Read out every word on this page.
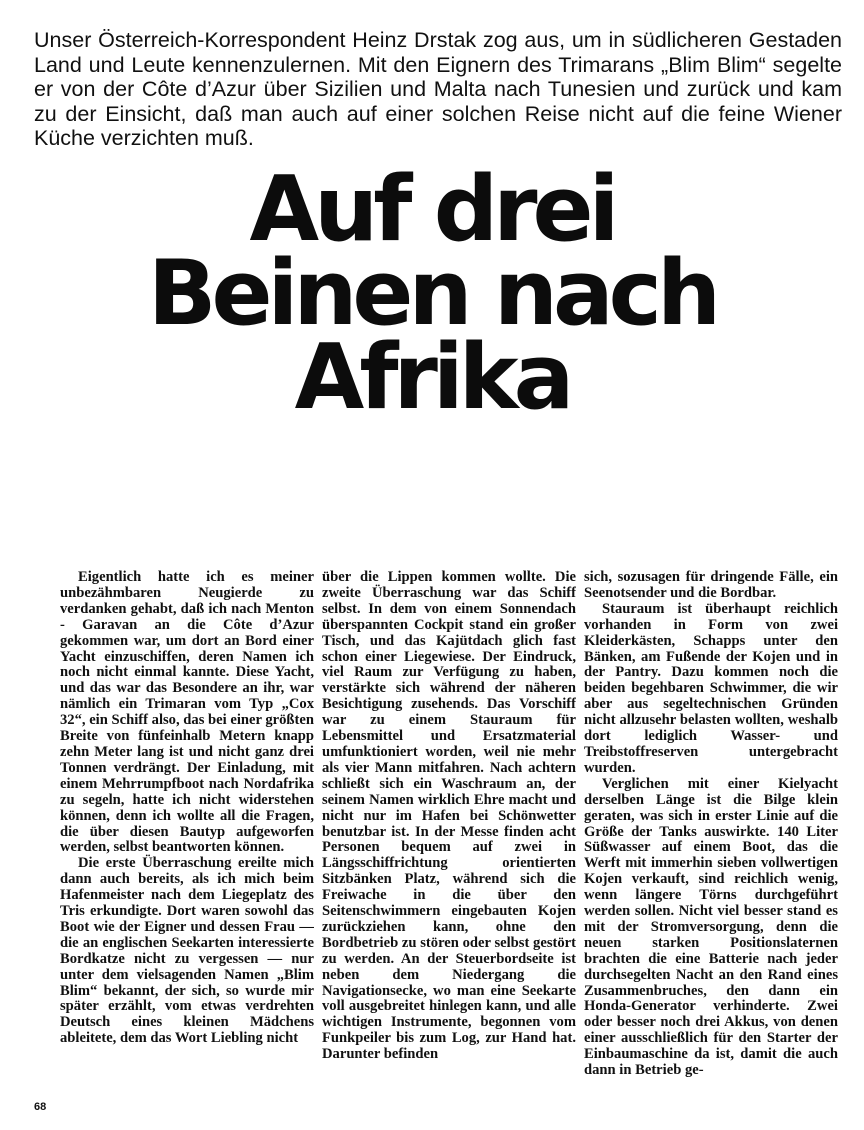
Unser Österreich-Korrespondent Heinz Drstak zog aus, um in südlicheren Gestaden Land und Leute kennenzulernen. Mit den Eignern des Trimarans „Blim Blim“ segelte er von der Côte d’Azur über Sizilien und Malta nach Tunesien und zurück und kam zu der Einsicht, daß man auch auf einer solchen Reise nicht auf die feine Wiener Küche verzichten muß.

Auf drei
Beinen nach
Afrika

Eigentlich hatte ich es meiner unbezähmbaren Neugierde zu verdanken gehabt, daß ich nach Menton - Garavan an die Côte d’Azur gekommen war, um dort an Bord einer Yacht einzuschiffen, deren Namen ich noch nicht einmal kannte. Diese Yacht, und das war das Besondere an ihr, war nämlich ein Trimaran vom Typ „Cox 32“, ein Schiff also, das bei einer größten Breite von fünfeinhalb Metern knapp zehn Meter lang ist und nicht ganz drei Tonnen verdrängt. Der Einladung, mit einem Mehrrumpfboot nach Nordafrika zu segeln, hatte ich nicht widerstehen können, denn ich wollte all die Fragen, die über diesen Bautyp aufgeworfen werden, selbst beantworten können.

Die erste Überraschung ereilte mich dann auch bereits, als ich mich beim Hafenmeister nach dem Liegeplatz des Tris erkundigte. Dort waren sowohl das Boot wie der Eigner und dessen Frau — die an englischen Seekarten interessierte Bordkatze nicht zu vergessen — nur unter dem vielsagenden Namen „Blim Blim“ bekannt, der sich, so wurde mir später erzählt, vom etwas verdrehten Deutsch eines kleinen Mädchens ableitete, dem das Wort Liebling nicht

über die Lippen kommen wollte. Die zweite Überraschung war das Schiff selbst. In dem von einem Sonnendach überspannten Cockpit stand ein großer Tisch, und das Kajütdach glich fast schon einer Liegewiese. Der Eindruck, viel Raum zur Verfügung zu haben, verstärkte sich während der näheren Besichtigung zusehends. Das Vorschiff war zu einem Stauraum für Lebensmittel und Ersatzmaterial umfunktioniert worden, weil nie mehr als vier Mann mitfahren. Nach achtern schließt sich ein Waschraum an, der seinem Namen wirklich Ehre macht und nicht nur im Hafen bei Schönwetter benutzbar ist. In der Messe finden acht Personen bequem auf zwei in Längsschiffrichtung orientierten Sitzbänken Platz, während sich die Freiwache in die über den Seitenschwimmern eingebauten Kojen zurückziehen kann, ohne den Bordbetrieb zu stören oder selbst gestört zu werden. An der Steuerbordseite ist neben dem Niedergang die Navigationsecke, wo man eine Seekarte voll ausgebreitet hinlegen kann, und alle wichtigen Instrumente, begonnen vom Funkpeiler bis zum Log, zur Hand hat. Darunter befinden

sich, sozusagen für dringende Fälle, ein Seenotsender und die Bordbar.

Stauraum ist überhaupt reichlich vorhanden in Form von zwei Kleiderkästen, Schapps unter den Bänken, am Fußende der Kojen und in der Pantry. Dazu kommen noch die beiden begehbaren Schwimmer, die wir aber aus segeltechnischen Gründen nicht allzusehr belasten wollten, weshalb dort lediglich Wasser- und Treibstoffreserven untergebracht wurden.

Verglichen mit einer Kielyacht derselben Länge ist die Bilge klein geraten, was sich in erster Linie auf die Größe der Tanks auswirkte. 140 Liter Süßwasser auf einem Boot, das die Werft mit immerhin sieben vollwertigen Kojen verkauft, sind reichlich wenig, wenn längere Törns durchgeführt werden sollen. Nicht viel besser stand es mit der Stromversorgung, denn die neuen starken Positionslaternen brachten die eine Batterie nach jeder durchsegelten Nacht an den Rand eines Zusammenbruches, den dann ein Honda-Generator verhinderte. Zwei oder besser noch drei Akkus, von denen einer ausschließlich für den Starter der Einbaumaschine da ist, damit die auch dann in Betrieb ge-

68
